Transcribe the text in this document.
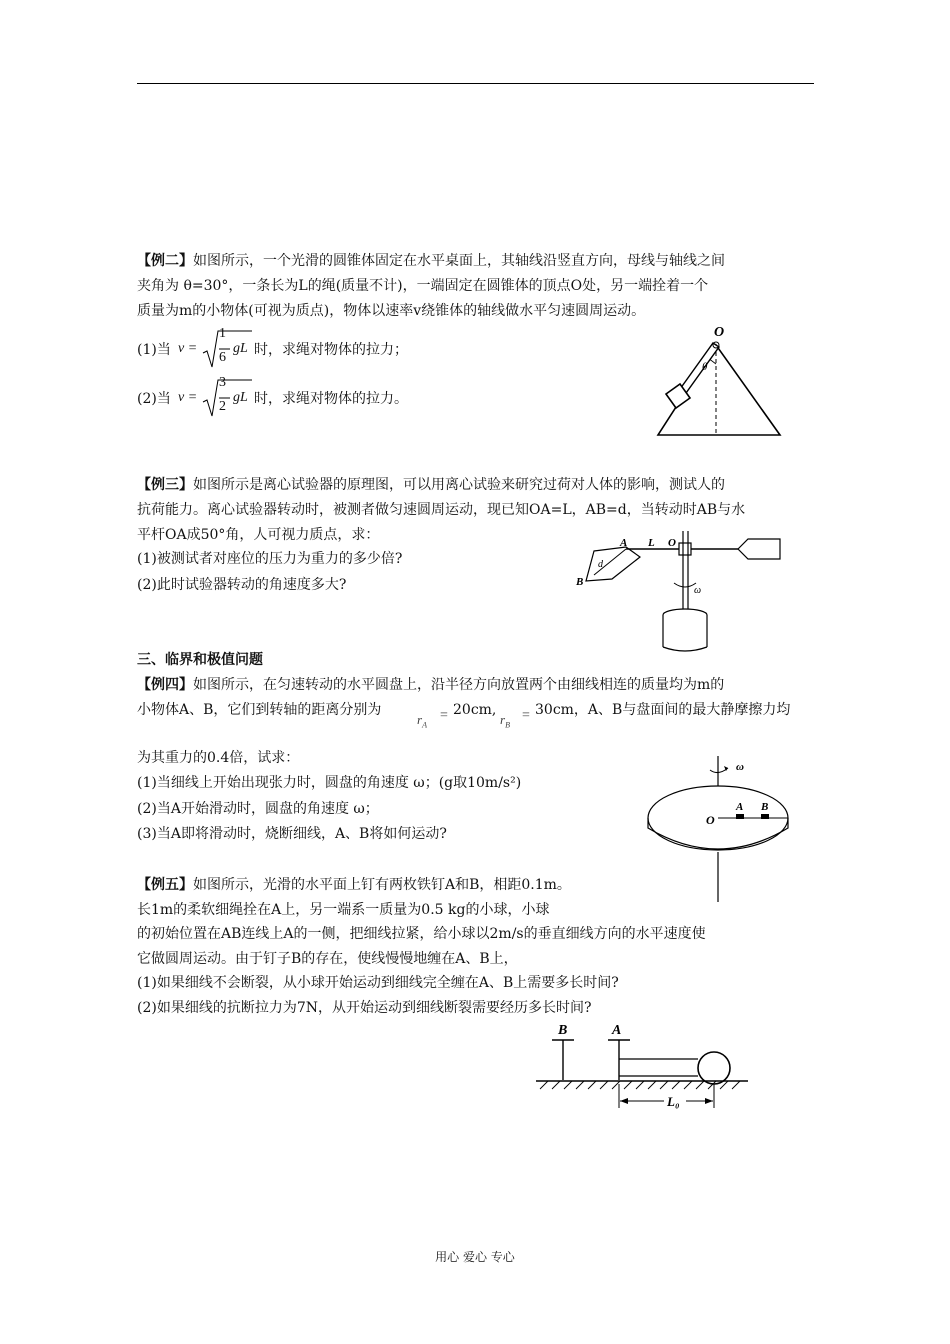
【例二】如图所示，一个光滑的圆锥体固定在水平桌面上，其轴线沿竖直方向，母线与轴线之间
夹角为 θ=30°，一条长为L的绳(质量不计)，一端固定在圆锥体的顶点O处，另一端拴着一个
质量为m的小物体(可视为质点)，物体以速率v绕锥体的轴线做水平匀速圆周运动。
(1)当 v =
1
6
gL 时，求绳对物体的拉力；
(2)当 v =
3
2
gL 时，求绳对物体的拉力。
O
θ
【例三】如图所示是离心试验器的原理图，可以用离心试验来研究过荷对人体的影响，测试人的
抗荷能力。离心试验器转动时，被测者做匀速圆周运动，现已知OA=L，AB=d，当转动时AB与水
平杆OA成50°角，人可视力质点，求：
(1)被测试者对座位的压力为重力的多少倍?
(2)此时试验器转动的角速度多大?
A L O
B
d
ω
三、临界和极值问题
【例四】如图所示，在匀速转动的水平圆盘上，沿半径方向放置两个由细线相连的质量均为m的
小物体A、B，它们到转轴的距离分别为
$r_A$
= 20cm,
$r_B$
= 30cm，A、B与盘面间的最大静摩擦力均
为其重力的0.4倍，试求：
(1)当细线上开始出现张力时，圆盘的角速度 ω；(g取10m/s²)
(2)当A开始滑动时，圆盘的角速度 ω；
(3)当A即将滑动时，烧断细线，A、B将如何运动?
ω
O
A B
【例五】如图所示，光滑的水平面上钉有两枚铁钉A和B，相距0.1m。
长1m的柔软细绳拴在A上，另一端系一质量为0.5 kg的小球，小球
的初始位置在AB连线上A的一侧，把细线拉紧，给小球以2m/s的垂直细线方向的水平速度使
它做圆周运动。由于钉子B的存在，使线慢慢地缠在A、B上，
(1)如果细线不会断裂，从小球开始运动到细线完全缠在A、B上需要多长时间?
(2)如果细线的抗断拉力为7N，从开始运动到细线断裂需要经历多长时间?
B	A
L₀
用心 爱心 专心
